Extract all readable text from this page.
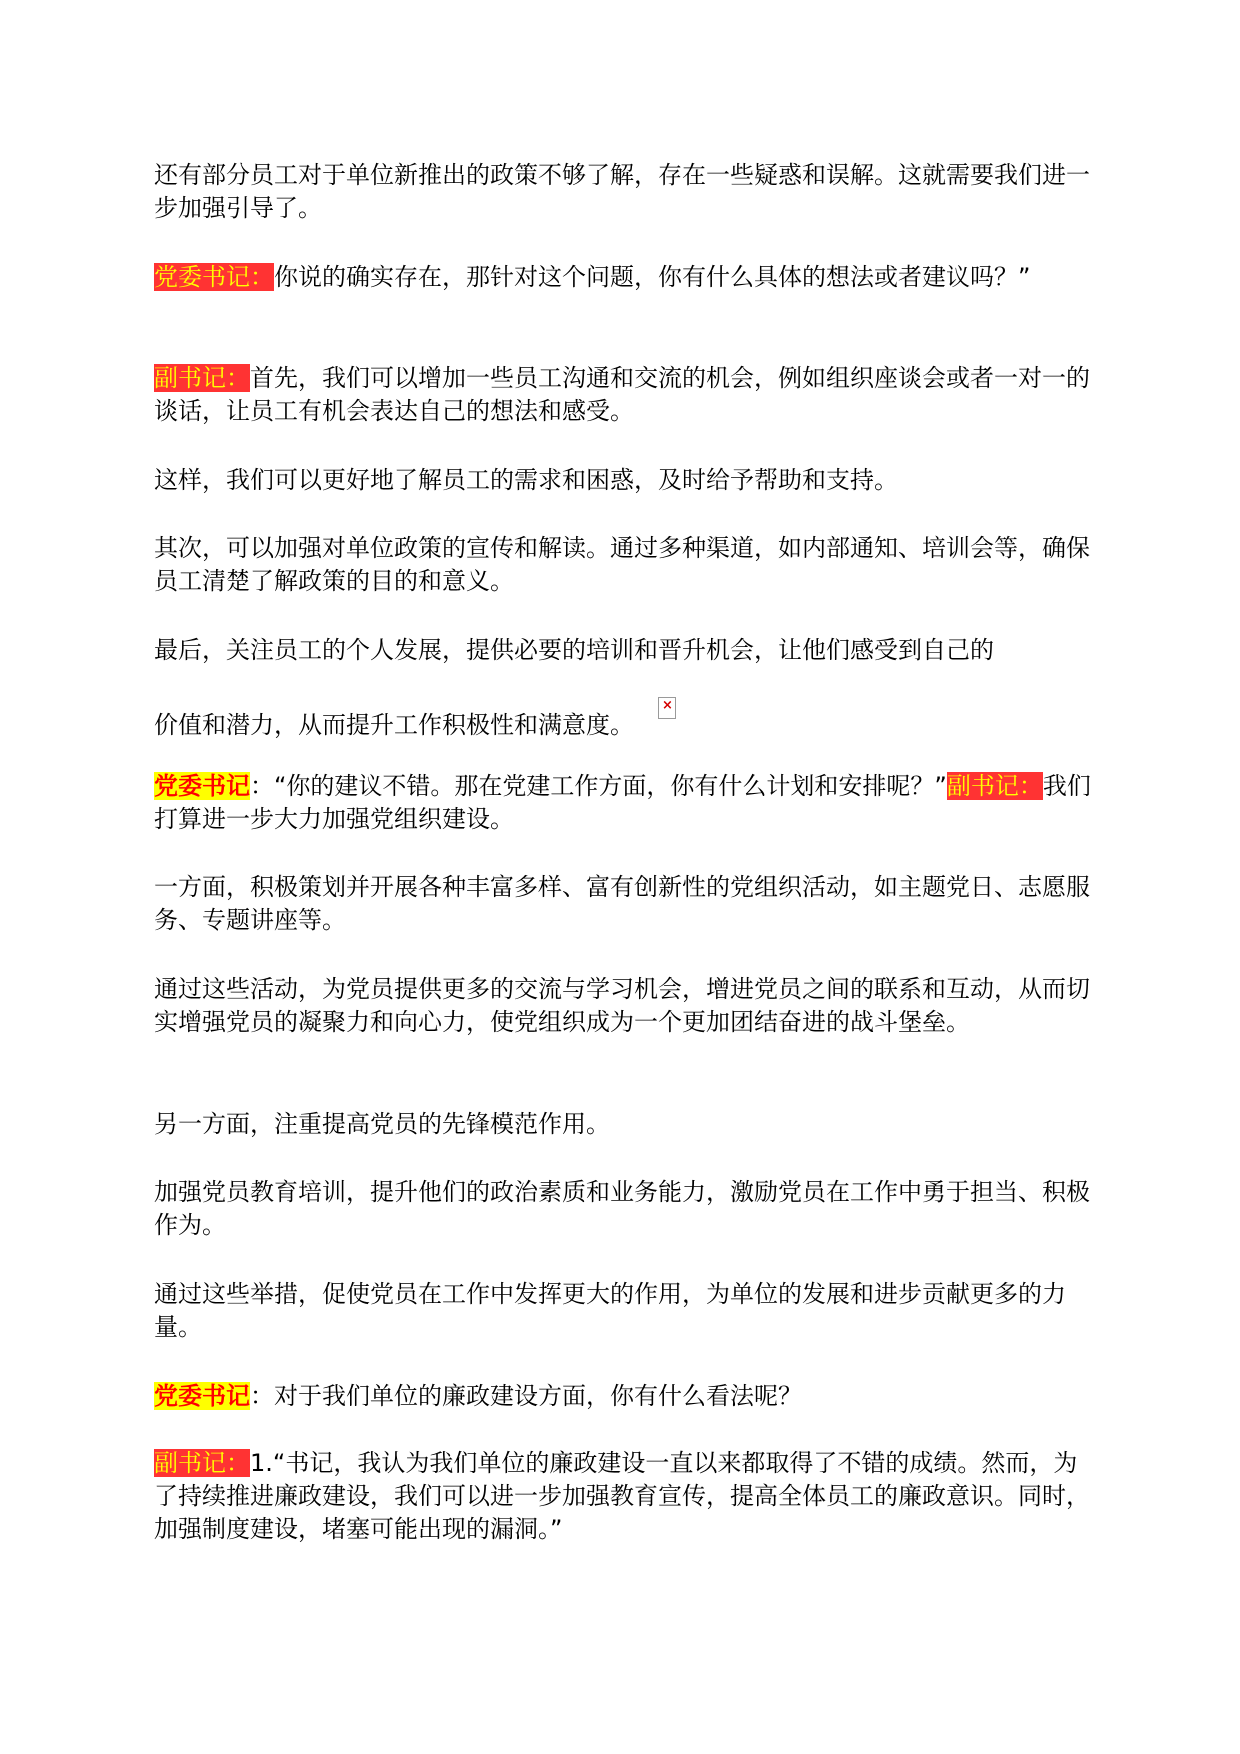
还有部分员工对于单位新推出的政策不够了解，存在一些疑惑和误解。这就需要我们进一步加强引导了。

党委书记：你说的确实存在，那针对这个问题，你有什么具体的想法或者建议吗？”

副书记：首先，我们可以增加一些员工沟通和交流的机会，例如组织座谈会或者一对一的谈话，让员工有机会表达自己的想法和感受。

这样，我们可以更好地了解员工的需求和困惑，及时给予帮助和支持。

其次，可以加强对单位政策的宣传和解读。通过多种渠道，如内部通知、培训会等，确保员工清楚了解政策的目的和意义。

最后，关注员工的个人发展，提供必要的培训和晋升机会，让他们感受到自己的

价值和潜力，从而提升工作积极性和满意度。×

党委书记：“你的建议不错。那在党建工作方面，你有什么计划和安排呢？”副书记：我们打算进一步大力加强党组织建设。

一方面，积极策划并开展各种丰富多样、富有创新性的党组织活动，如主题党日、志愿服务、专题讲座等。

通过这些活动，为党员提供更多的交流与学习机会，增进党员之间的联系和互动，从而切实增强党员的凝聚力和向心力，使党组织成为一个更加团结奋进的战斗堡垒。

另一方面，注重提高党员的先锋模范作用。

加强党员教育培训，提升他们的政治素质和业务能力，激励党员在工作中勇于担当、积极作为。

通过这些举措，促使党员在工作中发挥更大的作用，为单位的发展和进步贡献更多的力量。

党委书记：对于我们单位的廉政建设方面，你有什么看法呢？

副书记：1.“书记，我认为我们单位的廉政建设一直以来都取得了不错的成绩。然而，为了持续推进廉政建设，我们可以进一步加强教育宣传，提高全体员工的廉政意识。同时，加强制度建设，堵塞可能出现的漏洞。”
